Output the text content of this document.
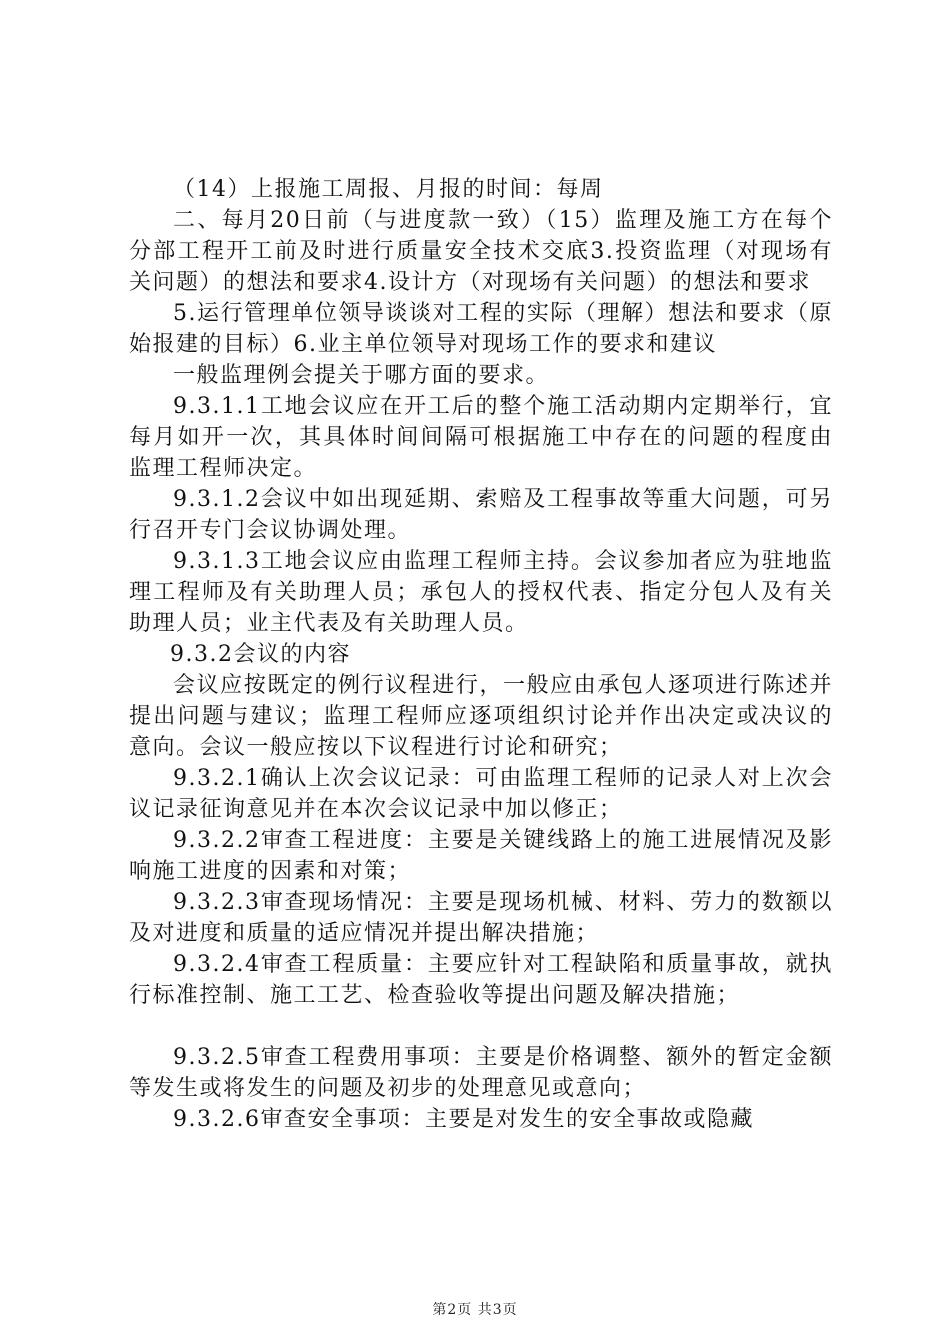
（14）上报施工周报、月报的时间：每周

二、每月20日前（与进度款一致）（15）监理及施工方在每个分部工程开工前及时进行质量安全技术交底3.投资监理（对现场有关问题）的想法和要求4.设计方（对现场有关问题）的想法和要求

5.运行管理单位领导谈谈对工程的实际（理解）想法和要求（原始报建的目标）6.业主单位领导对现场工作的要求和建议

一般监理例会提关于哪方面的要求。

9.3.1.1工地会议应在开工后的整个施工活动期内定期举行，宜每月如开一次，其具体时间间隔可根据施工中存在的问题的程度由监理工程师决定。

9.3.1.2会议中如出现延期、索赔及工程事故等重大问题，可另行召开专门会议协调处理。

9.3.1.3工地会议应由监理工程师主持。会议参加者应为驻地监理工程师及有关助理人员；承包人的授权代表、指定分包人及有关助理人员；业主代表及有关助理人员。

9.3.2会议的内容

会议应按既定的例行议程进行，一般应由承包人逐项进行陈述并提出问题与建议；监理工程师应逐项组织讨论并作出决定或决议的意向。会议一般应按以下议程进行讨论和研究；

9.3.2.1确认上次会议记录：可由监理工程师的记录人对上次会议记录征询意见并在本次会议记录中加以修正；

9.3.2.2审查工程进度：主要是关键线路上的施工进展情况及影响施工进度的因素和对策；

9.3.2.3审查现场情况：主要是现场机械、材料、劳力的数额以及对进度和质量的适应情况并提出解决措施；

9.3.2.4审查工程质量：主要应针对工程缺陷和质量事故，就执行标准控制、施工工艺、检查验收等提出问题及解决措施；

9.3.2.5审查工程费用事项：主要是价格调整、额外的暂定金额等发生或将发生的问题及初步的处理意见或意向；

9.3.2.6审查安全事项：主要是对发生的安全事故或隐藏

第2页 共3页
